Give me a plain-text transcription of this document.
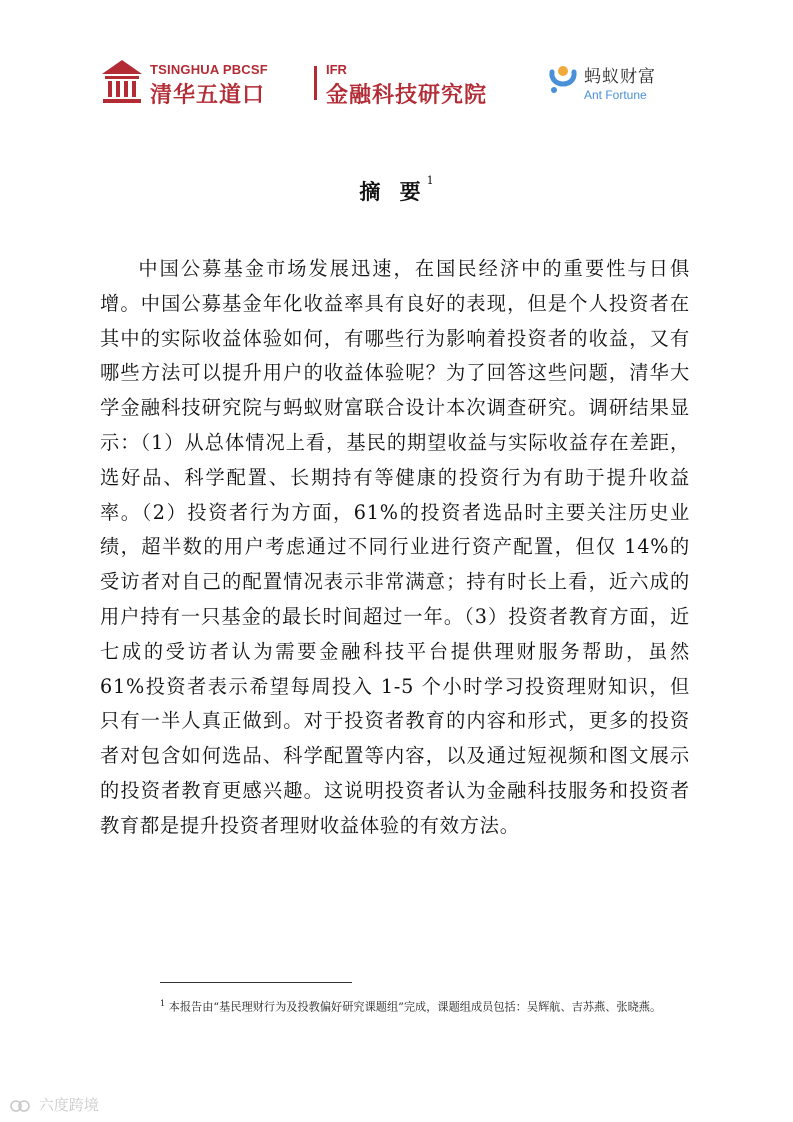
TSINGHUA PBCSF
清华五道口
IFR
金融科技研究院
蚂蚁财富
Ant Fortune
摘 要$^1$

中国公募基金市场发展迅速，在国民经济中的重要性与日俱增。中国公募基金年化收益率具有良好的表现，但是个人投资者在其中的实际收益体验如何，有哪些行为影响着投资者的收益，又有哪些方法可以提升用户的收益体验呢？为了回答这些问题，清华大学金融科技研究院与蚂蚁财富联合设计本次调查研究。调研结果显示：（1）从总体情况上看，基民的期望收益与实际收益存在差距，选好品、科学配置、长期持有等健康的投资行为有助于提升收益率。（2）投资者行为方面，61%的投资者选品时主要关注历史业绩，超半数的用户考虑通过不同行业进行资产配置，但仅 14%的受访者对自己的配置情况表示非常满意；持有时长上看，近六成的用户持有一只基金的最长时间超过一年。（3）投资者教育方面，近七成的受访者认为需要金融科技平台提供理财服务帮助，虽然 61%投资者表示希望每周投入 1-5 个小时学习投资理财知识，但只有一半人真正做到。对于投资者教育的内容和形式，更多的投资者对包含如何选品、科学配置等内容，以及通过短视频和图文展示的投资者教育更感兴趣。这说明投资者认为金融科技服务和投资者教育都是提升投资者理财收益体验的有效方法。

$^1$ 本报告由“基民理财行为及投教偏好研究课题组”完成，课题组成员包括：吴辉航、吉苏燕、张晓燕。
六度跨境
